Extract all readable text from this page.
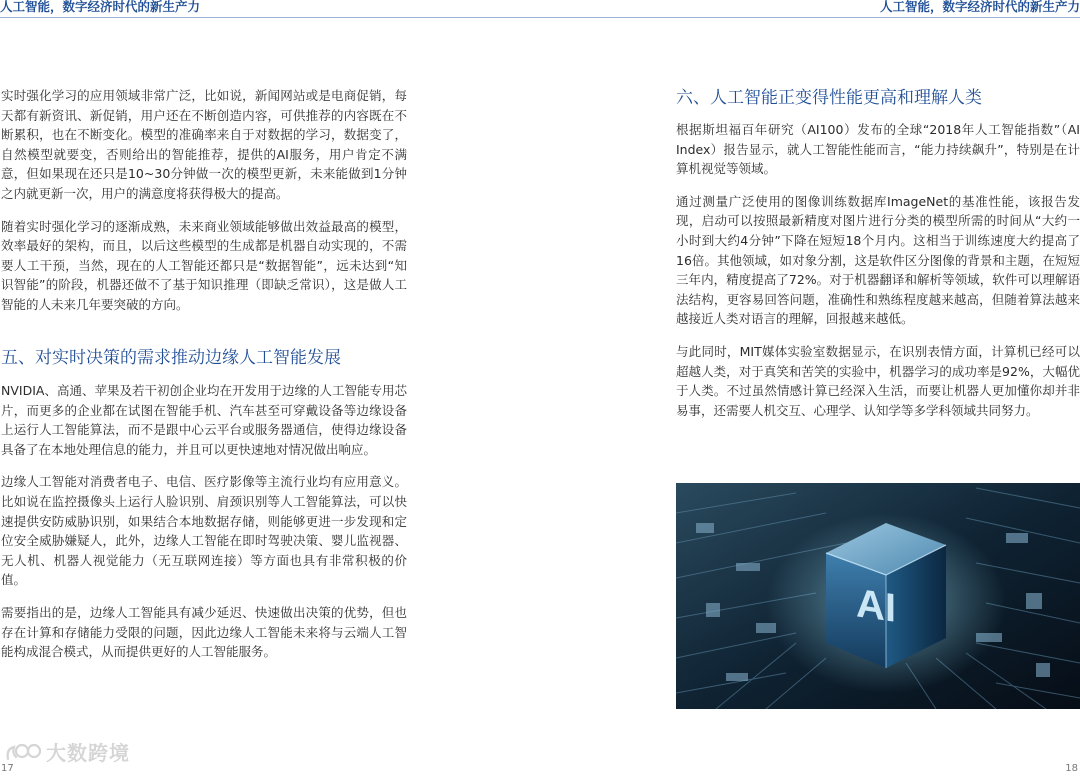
人工智能，数字经济时代的新生产力

实时强化学习的应用领域非常广泛，比如说，新闻网站或是电商促销，每天都有新资讯、新促销，用户还在不断创造内容，可供推荐的内容既在不断累积，也在不断变化。模型的准确率来自于对数据的学习，数据变了，自然模型就要变，否则给出的智能推荐，提供的AI服务，用户肯定不满意，但如果现在还只是10~30分钟做一次的模型更新，未来能做到1分钟之内就更新一次，用户的满意度将获得极大的提高。

随着实时强化学习的逐渐成熟，未来商业领域能够做出效益最高的模型，效率最好的架构，而且，以后这些模型的生成都是机器自动实现的，不需要人工干预，当然，现在的人工智能还都只是“数据智能”，远未达到“知识智能”的阶段，机器还做不了基于知识推理（即缺乏常识），这是做人工智能的人未来几年要突破的方向。

五、对实时决策的需求推动边缘人工智能发展

NVIDIA、高通、苹果及若干初创企业均在开发用于边缘的人工智能专用芯片，而更多的企业都在试图在智能手机、汽车甚至可穿戴设备等边缘设备上运行人工智能算法，而不是跟中心云平台或服务器通信，使得边缘设备具备了在本地处理信息的能力，并且可以更快速地对情况做出响应。

边缘人工智能对消费者电子、电信、医疗影像等主流行业均有应用意义。比如说在监控摄像头上运行人脸识别、肩颈识别等人工智能算法，可以快速提供安防威胁识别，如果结合本地数据存储，则能够更进一步发现和定位安全威胁嫌疑人，此外，边缘人工智能在即时驾驶决策、婴儿监视器、无人机、机器人视觉能力（无互联网连接）等方面也具有非常积极的价值。

需要指出的是，边缘人工智能具有减少延迟、快速做出决策的优势，但也存在计算和存储能力受限的问题，因此边缘人工智能未来将与云端人工智能构成混合模式，从而提供更好的人工智能服务。

大数跨境
17
人工智能，数字经济时代的新生产力
六、人工智能正变得性能更高和理解人类

根据斯坦福百年研究（AI100）发布的全球“2018年人工智能指数”（AI Index）报告显示，就人工智能性能而言，“能力持续飙升”，特别是在计算机视觉等领域。

通过测量广泛使用的图像训练数据库ImageNet的基准性能，该报告发现，启动可以按照最新精度对图片进行分类的模型所需的时间从“大约一小时到大约4分钟”下降在短短18个月内。这相当于训练速度大约提高了16倍。其他领域，如对象分割，这是软件区分图像的背景和主题，在短短三年内，精度提高了72%。对于机器翻译和解析等领域，软件可以理解语法结构，更容易回答问题，准确性和熟练程度越来越高，但随着算法越来越接近人类对语言的理解，回报越来越低。

与此同时，MIT媒体实验室数据显示，在识别表情方面，计算机已经可以超越人类，对于真笑和苦笑的实验中，机器学习的成功率是92%，大幅优于人类。不过虽然情感计算已经深入生活，而要让机器人更加懂你却并非易事，还需要人机交互、心理学、认知学等多学科领域共同努力。

AI
18
